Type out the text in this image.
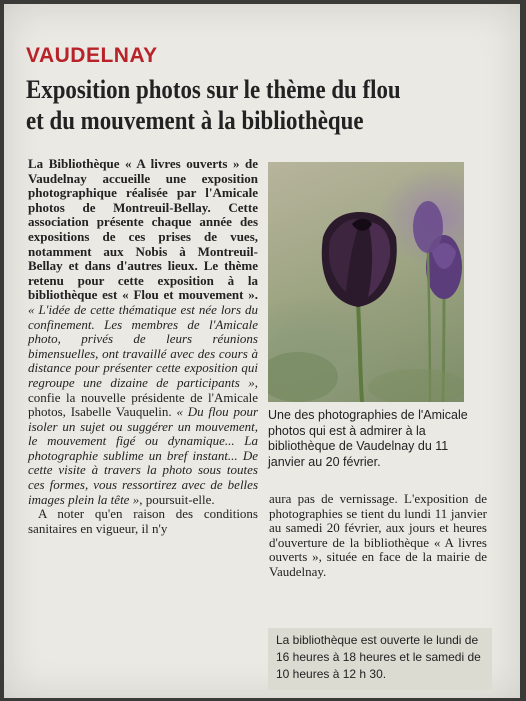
VAUDELNAY
Exposition photos sur le thème du flou
et du mouvement à la bibliothèque

La Bibliothèque « A livres ouverts » de Vaudelnay accueille une exposition photographique réalisée par l'Amicale photos de Montreuil-Bellay. Cette association présente chaque année des expositions de ces prises de vues, notamment aux Nobis à Montreuil-Bellay et dans d'autres lieux. Le thème retenu pour cette exposition à la bibliothèque est « Flou et mouvement ». « L'idée de cette thématique est née lors du confinement. Les membres de l'Amicale photo, privés de leurs réunions bimensuelles, ont travaillé avec des cours à distance pour présenter cette exposition qui regroupe une dizaine de participants », confie la nouvelle présidente de l'Amicale photos, Isabelle Vauquelin. « Du flou pour isoler un sujet ou suggérer un mouvement, le mouvement figé ou dynamique... La photographie sublime un bref instant... De cette visite à travers la photo sous toutes ces formes, vous ressortirez avec de belles images plein la tête », poursuit-elle.

A noter qu'en raison des conditions sanitaires en vigueur, il n'y

Une des photographies de l'Amicale photos qui est à admirer à la bibliothèque de Vaudelnay du 11 janvier au 20 février.

aura pas de vernissage. L'exposition de photographies se tient du lundi 11 janvier au samedi 20 février, aux jours et heures d'ouverture de la bibliothèque « A livres ouverts », située en face de la mairie de Vaudelnay.

La bibliothèque est ouverte le lundi de 16 heures à 18 heures et le samedi de 10 heures à 12 h 30.
